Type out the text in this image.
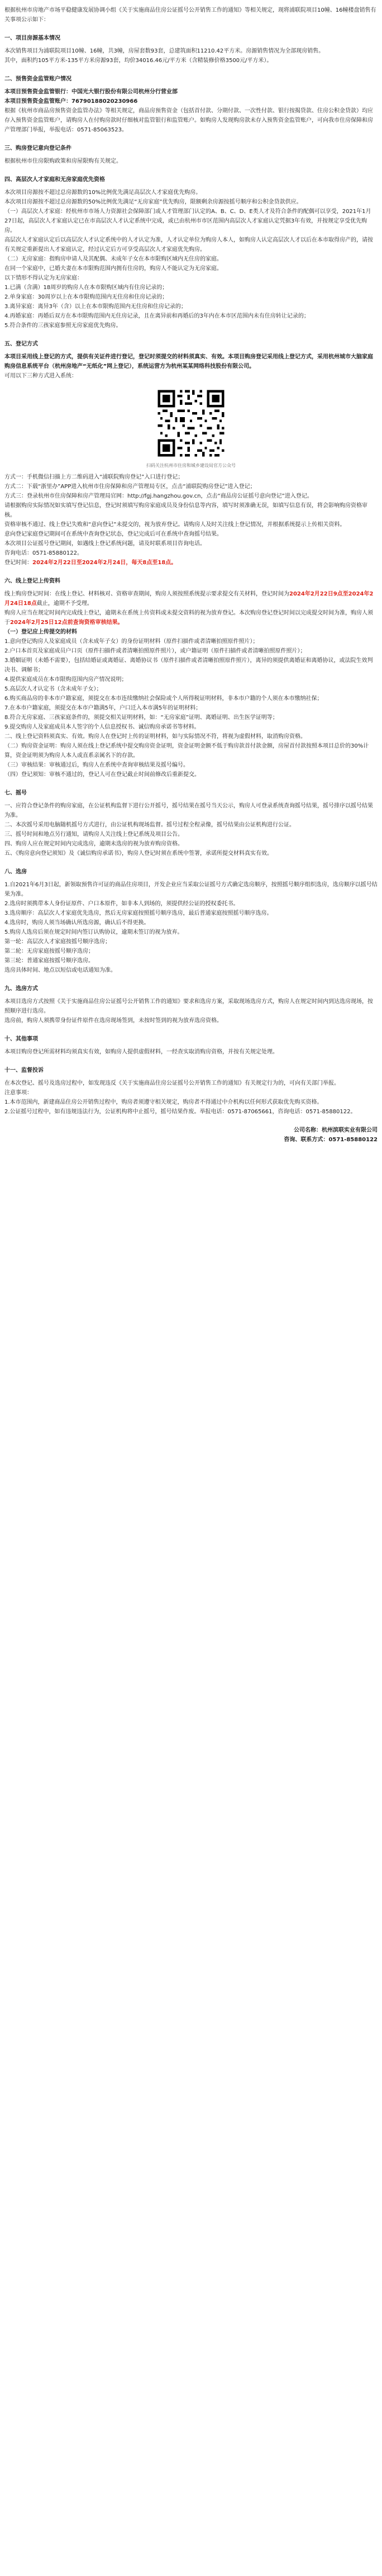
根据杭州市房地产市场平稳健康发展协调小组《关于实施商品住房公证摇号公开销售工作的通知》等相关规定，现将浦联院项目10幢、16幢楼盘销售有关事项公示如下：

一、项目房源基本情况

本次销售项目为浦联院项目10幢、16幢，共3幢，房屋套数93套，总建筑面积11210.42平方米。房源销售情况为全部现房销售。

其中，面积约105平方米-135平方米房源93套，均价34016.46元/平方米（含精装修价格3500元/平方米）。

二、预售资金监管账户情况

本项目预售资金监管银行：中国光大银行股份有限公司杭州分行营业部

本项目预售资金监管账户：76790188020230966

根据《杭州市商品房预售资金监管办法》等相关规定，商品房预售资金（包括首付款、分期付款、一次性付款、银行按揭贷款、住房公积金贷款）均应存入预售资金监管账户，请购房人在付购房款时仔细核对监管银行和监管账户。如购房人发现购房款未存入预售资金监管账户，可向我市住房保障和房产管理部门举报，举报电话：0571-85063523。

三、购房登记意向登记条件

根据杭州市住房限购政策和房屋限购有关规定。

四、高层次人才家庭和无房家庭优先资格

本次项目房源按不超过总房源数的10%比例优先满足高层次人才家庭优先购房。

本次项目房源按不超过总房源数的50%比例优先满足“无房家庭”优先购房，限额剩余房源按摇号顺序和公积金贷款供应。

（一）高层次人才家庭：经杭州市市场人力资源社会保障部门或人才管理部门认定的A、B、C、D、E类人才及符合条件的配偶可以享受，2021年1月27日起，高层次人才家庭认定已在市高层次人才认定系统中完成，或已由杭州市市区范围内高层次人才家庭认定凭据3年有效，并按规定享受优先购房。

高层次人才家庭认定后以高层次人才认定系统中的人才认定为准，人才认定单位为购房人本人，如购房人认定高层次人才以后在本市取得房产的，请按有关规定重新提出人才家庭认定，经过认定后方可享受高层次人才家庭优先购房。

（二）无房家庭：指购房申请人及其配偶、未成年子女在本市限购区域内无住房的家庭。

在同一个家庭中，已婚夫妻在本市限购范围内拥有住房的，购房人不能认定为无房家庭。

以下情形不得认定为无房家庭：

1.已满（含满）18周岁的购房人在本市限购区域内有住房记录的；

2.单身家庭：30周岁以上在本市限购范围内无住房和住房记录的；

3.离异家庭：离异3年（含）以上在本市限购范围内无住房和住房记录的；

4.再婚家庭：再婚后双方在本市限购范围内无住房记录，且在离异前和再婚后的3年内在本市区范围内未有住房转让记录的；

5.符合条件的三孩家庭参照无房家庭优先购房。

五、登记方式

本项目采用线上登记的方式，提供有关证件进行登记，登记时须提交的材料须真实、有效。本项目购房登记采用线上登记方式，采用杭州城市大脑家庭购房信息系统平台（杭州房地产“无纸化”网上登记），系统运营方为杭州某某网络科技股份有限公司。

可用以下三种方式进入系统：

扫码关注杭州市住房和城乡建设局官方公众号

方式一：手机微信扫描上方二维码进入“浦联院购房登记”入口进行登记；

方式二：下载“浙里办”APP进入杭州市住房保障和房产管理局专区，点击“浦联院购房登记”进入登记；

方式三：登录杭州市住房保障和房产管理局官网：http://fgj.hangzhou.gov.cn，点击“商品房公证摇号意向登记”进入登记。

请根据购房实际情况如实填写登记信息，登记时须填写购房家庭成员及身份信息等内容，填写时须准确无误，如填写信息有误，将会影响购房资格审核。

资格审核不通过、线上登记失败和“意向登记”未提交的，视为放弃登记。请购房人及时关注线上登记情况，并根据系统提示上传相关资料。

意向登记家庭登记期间可在系统中查询登记状态，登记完成后可在系统中查询摇号结果。

本次项目公证摇号登记期间，如遇线上登记系统问题，请及时联系项目咨询电话。

咨询电话：0571-85880122。

登记时间：2024年2月22日至2024年2月24日，每天8点至18点。

六、线上登记上传资料

线上购房登记时间：在线上登记、材料核对、资格审查期间，购房人须按照系统提示要求提交有关材料，登记时间为2024年2月22日9点至2024年2月24日18点截止，逾期不予受理。

购房人应当在规定时间内完成线上登记，逾期未在系统上传资料或未提交资料的视为放弃登记。本次购房登记登记时间以完成提交时间为准，购房人须于2024年2月25日12点前查询资格审核结果。

（一）登记应上传提交的材料

1.意向登记购房人及家庭成员（含未成年子女）的身份证明材料（原件扫描件或者清晰拍照原件照片）；

2.户口本首页及家庭成员户口页（原件扫描件或者清晰拍照原件照片），或户籍证明（原件扫描件或者清晰拍照原件照片）；

3.婚姻证明（未婚不需要），包括结婚证或离婚证、离婚协议书（原件扫描件或者清晰拍照原件照片），离异的须提供离婚证和离婚协议，或法院生效判决书、调解书；

4.提供家庭成员在本市限购范围内房产情况说明；

5.高层次人才认定书（含未成年子女）；

6.购买商品房的非本市户籍家庭，须提交在本市连续缴纳社会保险或个人所得税证明材料，非本市户籍的个人须在本市缴纳社保；

7.在本市户籍家庭，须提交在本市户籍满5年，户口迁入本市满5年的证明材料；

8.符合无房家庭、三孩家庭条件的，须提交相关证明材料，如：“无房家庭”证明、离婚证明、出生医学证明等；

9.提交购房人及家庭成员本人签字的个人信息授权书、诚信购房承诺书等材料。

二、线上登记资料须真实、有效。购房人在登记时上传的证明材料，如与实际情况不符，将视为虚假材料，取消购房资格。

（二）购房资金证明：购房人须在线上登记系统中提交购房资金证明，资金证明金额不低于购房款首付款金额，房屋首付款按照本项目总价的30%计算，资金证明须为购房人本人或直系亲属名下的存款。

（三）审核结果：审核通过后，购房人在系统中查询审核结果及摇号编号。

（四）登记须知：审核不通过的，登记人可在登记截止时间前修改后重新提交。

七、摇号

一、应符合登记条件的购房家庭，在公证机构监督下进行公开摇号，摇号结果在摇号当天公示，购房人可登录系统查询摇号结果，摇号排序以摇号结果为准。

二、本次摇号采用电脑随机摇号方式进行，由公证机构现场监督。摇号过程全程录像，摇号结果由公证机构进行公证。

三、摇号时间和地点另行通知，请购房人关注线上登记系统及项目公告。

四、购房人应在规定时间内完成选房，逾期未选房的视为放弃购房资格。

五、《购房意向登记须知》及《诚信购房承诺书》，购房人登记时须在系统中签署，承诺所提交材料真实有效。

八、选房

1.自2021年6月3日起，新领取预售许可证的商品住房项目，开发企业应当采取公证摇号方式确定选房顺序，按照摇号顺序组织选房，选房顺序以摇号结果为准。

2.选房时须携带本人身份证原件、户口本原件，如非本人到场的，须提供经公证的授权委托书。

3.选房顺序：高层次人才家庭优先选房，然后无房家庭按照摇号顺序选房，最后普通家庭按照摇号顺序选房。

4.选房时，购房人须当场确认所选房源，确认后不得更换。

5.购房人选房后须在规定时间内签订认购协议，逾期未签订的视为放弃。

第一轮：高层次人才家庭按摇号顺序选房；

第二轮：无房家庭按摇号顺序选房；

第三轮：普通家庭按摇号顺序选房。

选房具体时间、地点以短信或电话通知为准。

九、选房方式

本项目选房方式按照《关于实施商品住房公证摇号公开销售工作的通知》要求和选房方案，采取现场选房方式，购房人在规定时间内到达选房现场，按照顺序进行选房。

选房前，购房人须携带身份证件原件在选房现场签到，未按时签到的视为放弃选房资格。

十、其他事项

本项目购房登记所需材料均须真实有效，如购房人提供虚假材料，一经查实取消购房资格，并按有关规定处理。

十一、监督投诉

在本次登记、摇号及选房过程中，如发现违反《关于实施商品住房公证摇号公开销售工作的通知》有关规定行为的，可向有关部门举报。

注意事项：

1.本市范围内，新建商品住房公开销售过程中，购房者须遵守相关规定，购房者不得通过中介机构以任何形式获取优先购买资格。

2.公证摇号过程中，如有违规违法行为，公证机构将中止摇号，摇号结果作废。举报电话：0571-87065661，咨询电话：0571-85880122。

公司名称：杭州滨联实业有限公司
咨询、联系方式：0571-85880122
